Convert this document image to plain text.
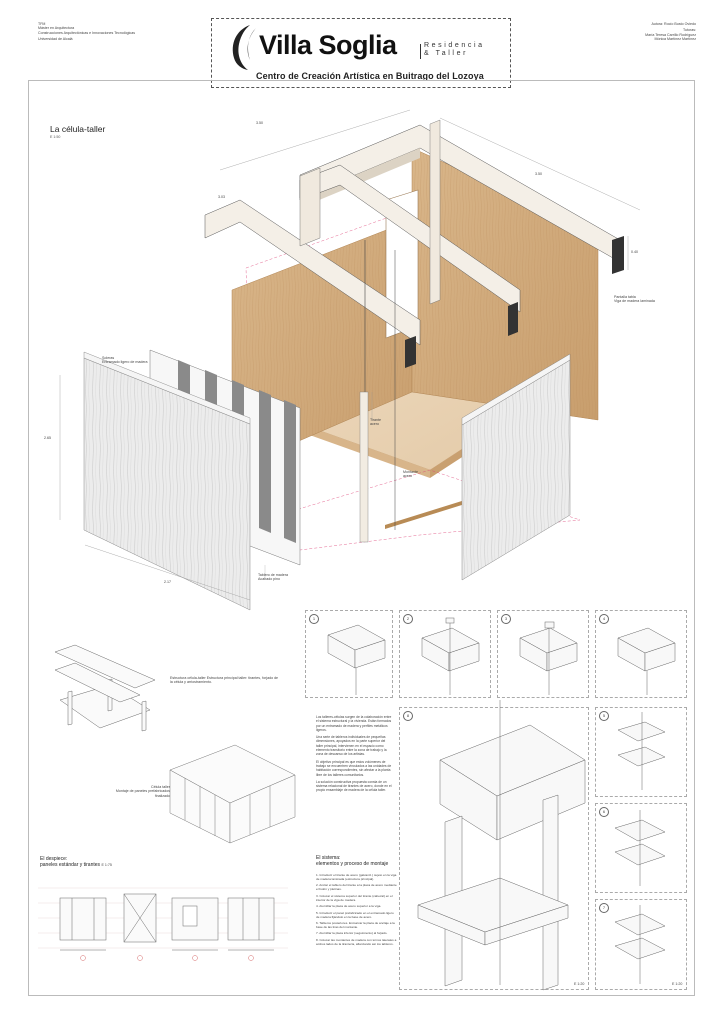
TFM
Máster en Arquitectura
Construcciones Arquitectónicas e Innovaciones Tecnológicas
Universidad de Alcalá
Autora: Rocío Busto Oviedo
Tutoras:
María Teresa Carrillo Rodríguez
Mónica Martínez Martínez
Villa Soglia	Residencia & Taller
Centro de Creación Artística en Buitrago del Lozoya
La célula-taller
E 1:50
3.50
3.50
3.03
2.65
2.17
0.40
Soleras
Entramado ligero de madera
Pantalla tabla
Viga de madera laminada
Tirante
acero
Montante
acero
Tablero de madera
Acabado pino
Estructura célula-taller Estructura principal taller: tirantes, forjado de la célula y arriostramiento.
Célula taller
Montaje de paneles prefabricados finalizado
1	2	3	4
5
6
7
8
E 1:20	E 1:20

Los talleres-células surgen de la colaboración entre el sistema estructural y la vivienda. Están formados por un entramado de madera y perfiles metálicos ligeros.

Una serie de tableros individuales de pequeñas dimensiones, apoyados en la parte superior del taller principal, intervienen en el espacio como elemento transitorio entre la zona de trabajo y la zona de descanso de los artistas.

El objetivo principal es que estos volúmenes de trabajo se encuentren vinculados a las unidades de habitación correspondientes, sin afectar a la planta libre de los talleres comunitarios.

La solución constructiva propuesta consta de un sistema relacional de tirantes de acero, donde en el propio ensamblaje de madera de la célula taller.

El sistema:
elementos y proceso de montaje
1. Introducir el tirante de acero (galvaniz.) sujeto en la viga de madera laminada (estructura principal).
2. Anclar el tablero del tirante a la placa de acero mediante el bulón y pletinas.
3. Colocar el sistema superior del tirante (cabezal) en el interior de la viga de madera.
4. Atornillar la placa de acero superior a la viga.
5. Introducir el panel prefabricado en el entramado ligero de madera fijándolo en la base de acero.
6. Tableros posteriores. Enmarcar la placa de anclaje a la base de las tiras del montante.
7. Atornillar la placa inferior (seguimiento) al forjado.
8. Colocar las montantes de madera con tornos laterales a ambos lados de la tirantería, afianzando así los tableros.
El despiece:
paneles estándar y tirantes E 1:75
